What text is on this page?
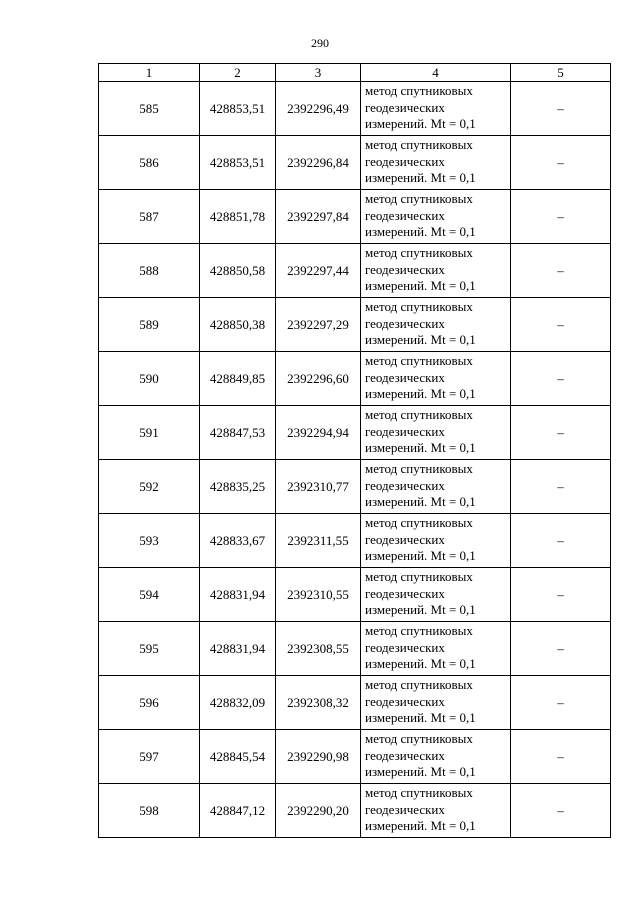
290
1	2	3	4	5
585	428853,51	2392296,49	метод спутниковых
геодезических
измерений. Mt = 0,1	–
586	428853,51	2392296,84	метод спутниковых
геодезических
измерений. Mt = 0,1	–
587	428851,78	2392297,84	метод спутниковых
геодезических
измерений. Mt = 0,1	–
588	428850,58	2392297,44	метод спутниковых
геодезических
измерений. Mt = 0,1	–
589	428850,38	2392297,29	метод спутниковых
геодезических
измерений. Mt = 0,1	–
590	428849,85	2392296,60	метод спутниковых
геодезических
измерений. Mt = 0,1	–
591	428847,53	2392294,94	метод спутниковых
геодезических
измерений. Mt = 0,1	–
592	428835,25	2392310,77	метод спутниковых
геодезических
измерений. Mt = 0,1	–
593	428833,67	2392311,55	метод спутниковых
геодезических
измерений. Mt = 0,1	–
594	428831,94	2392310,55	метод спутниковых
геодезических
измерений. Mt = 0,1	–
595	428831,94	2392308,55	метод спутниковых
геодезических
измерений. Mt = 0,1	–
596	428832,09	2392308,32	метод спутниковых
геодезических
измерений. Mt = 0,1	–
597	428845,54	2392290,98	метод спутниковых
геодезических
измерений. Mt = 0,1	–
598	428847,12	2392290,20	метод спутниковых
геодезических
измерений. Mt = 0,1	–
